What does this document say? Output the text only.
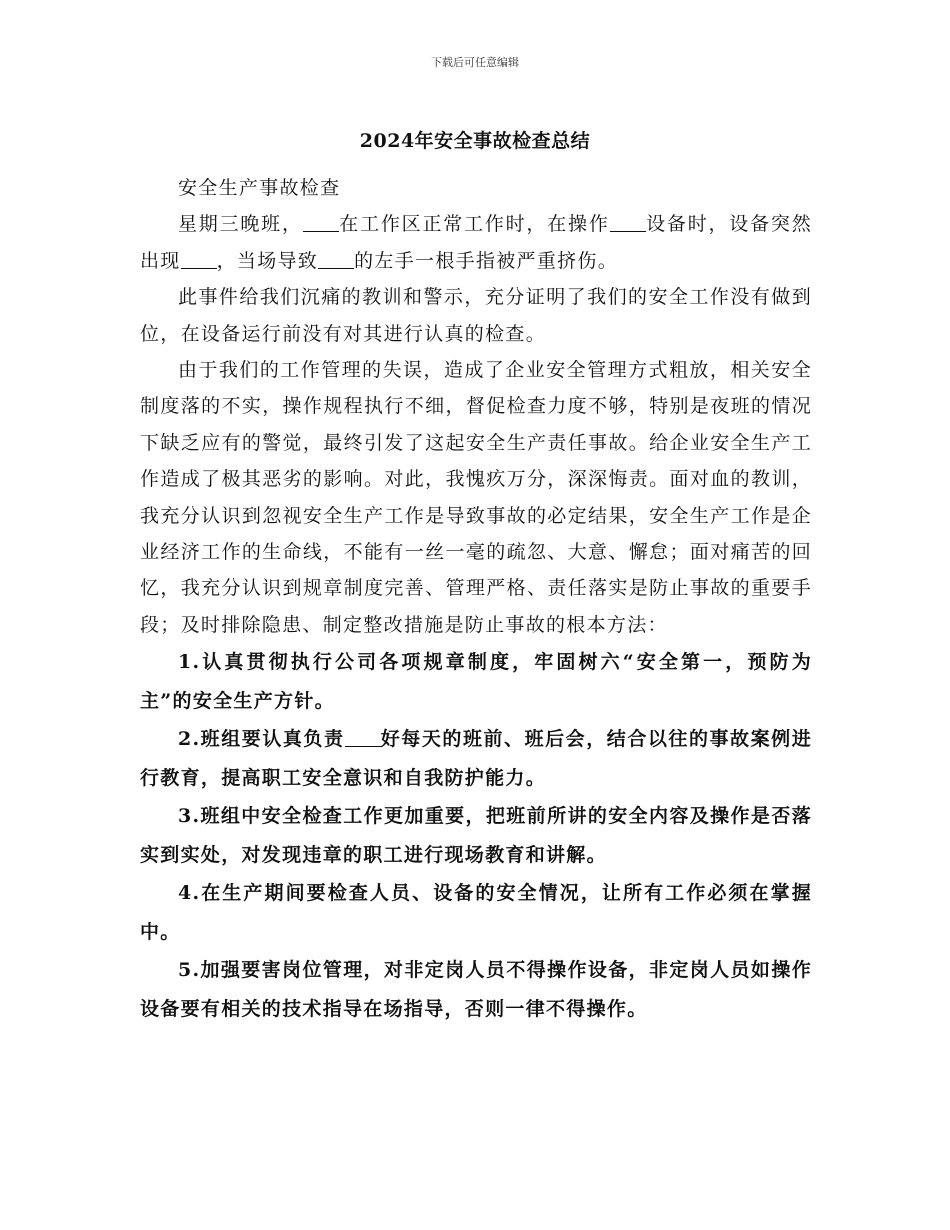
下载后可任意编辑
2024年安全事故检查总结

安全生产事故检查

星期三晚班， 在工作区正常工作时，在操作 设备时，设备突然出现 ，当场导致 的左手一根手指被严重挤伤。

此事件给我们沉痛的教训和警示，充分证明了我们的安全工作没有做到位，在设备运行前没有对其进行认真的检查。

由于我们的工作管理的失误，造成了企业安全管理方式粗放，相关安全制度落的不实，操作规程执行不细，督促检查力度不够，特别是夜班的情况下缺乏应有的警觉，最终引发了这起安全生产责任事故。给企业安全生产工作造成了极其恶劣的影响。对此，我愧疚万分，深深悔责。面对血的教训，我充分认识到忽视安全生产工作是导致事故的必定结果，安全生产工作是企业经济工作的生命线，不能有一丝一毫的疏忽、大意、懈怠；面对痛苦的回忆，我充分认识到规章制度完善、管理严格、责任落实是防止事故的重要手段；及时排除隐患、制定整改措施是防止事故的根本方法：

1.认真贯彻执行公司各项规章制度，牢固树六“安全第一，预防为主”的安全生产方针。

2.班组要认真负责 好每天的班前、班后会，结合以往的事故案例进行教育，提高职工安全意识和自我防护能力。

3.班组中安全检查工作更加重要，把班前所讲的安全内容及操作是否落实到实处，对发现违章的职工进行现场教育和讲解。

4.在生产期间要检查人员、设备的安全情况，让所有工作必须在掌握中。

5.加强要害岗位管理，对非定岗人员不得操作设备，非定岗人员如操作设备要有相关的技术指导在场指导，否则一律不得操作。
